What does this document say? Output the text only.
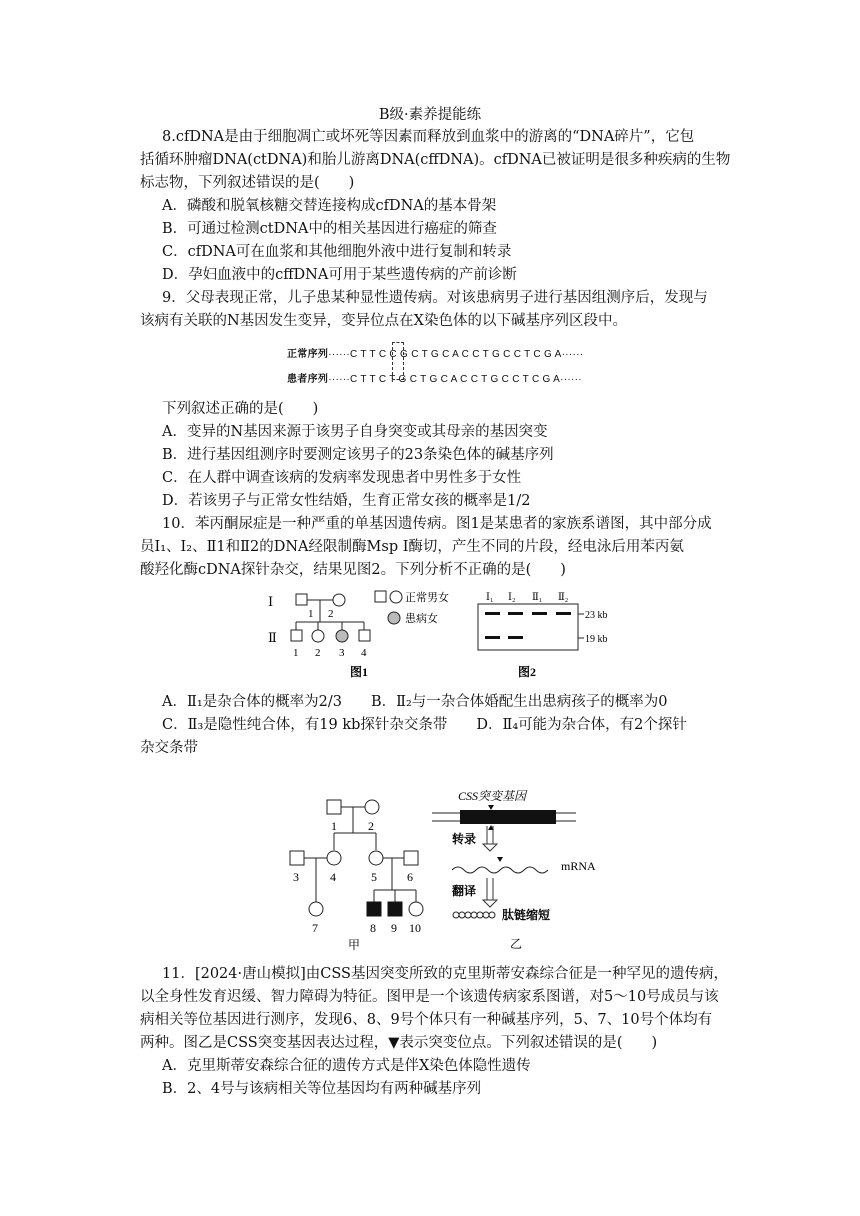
B级·素养提能练
8.cfDNA是由于细胞凋亡或坏死等因素而释放到血浆中的游离的“DNA碎片”，它包
括循环肿瘤DNA(ctDNA)和胎儿游离DNA(cffDNA)。cfDNA已被证明是很多种疾病的生物
标志物，下列叙述错误的是(　　)
A．磷酸和脱氧核糖交替连接构成cfDNA的基本骨架
B．可通过检测ctDNA中的相关基因进行癌症的筛查
C．cfDNA可在血浆和其他细胞外液中进行复制和转录
D．孕妇血液中的cffDNA可用于某些遗传病的产前诊断
9．父母表现正常，儿子患某种显性遗传病。对该患病男子进行基因组测序后，发现与
该病有关联的N基因发生变异，变异位点在X染色体的以下碱基序列区段中。
正常序列······C T T C C G C T G C A C C T G C C T C G A······
患者序列······C T T C T G C T G C A C C T G C C T C G A······
下列叙述正确的是(　　)
A．变异的N基因来源于该男子自身突变或其母亲的基因突变
B．进行基因组测序时要测定该男子的23条染色体的碱基序列
C．在人群中调查该病的发病率发现患者中男性多于女性
D．若该男子与正常女性结婚，生育正常女孩的概率是1/2
10．苯丙酮尿症是一种严重的单基因遗传病。图1是某患者的家族系谱图，其中部分成
员Ⅰ₁、Ⅰ₂、Ⅱ1和Ⅱ2的DNA经限制酶Msp Ⅰ酶切，产生不同的片段，经电泳后用苯丙氨
酸羟化酶cDNA探针杂交，结果见图2。下列分析不正确的是(　　)
Ⅰ
Ⅱ
1 2
1 2 3 4
正常男女
患病女
图1
Ⅰ₁ Ⅰ₂ Ⅱ₁ Ⅱ₂
23 kb
19 kb
图2
A．Ⅱ₁是杂合体的概率为2/3　　B．Ⅱ₂与一杂合体婚配生出患病孩子的概率为0
C．Ⅱ₃是隐性纯合体，有19 kb探针杂交条带　　D．Ⅱ₄可能为杂合体，有2个探针
杂交条带
1	2
3	4	5	6
7	8 9 10
甲
CSS突变基因
转录
mRNA
翻译
肽链缩短
乙
11．[2024·唐山模拟]由CSS基因突变所致的克里斯蒂安森综合征是一种罕见的遗传病，
以全身性发育迟缓、智力障碍为特征。图甲是一个该遗传病家系图谱，对5～10号成员与该
病相关等位基因进行测序，发现6、8、9号个体只有一种碱基序列，5、7、10号个体均有
两种。图乙是CSS突变基因表达过程，▼表示突变位点。下列叙述错误的是(　　)
A．克里斯蒂安森综合征的遗传方式是伴X染色体隐性遗传
B．2、4号与该病相关等位基因均有两种碱基序列
